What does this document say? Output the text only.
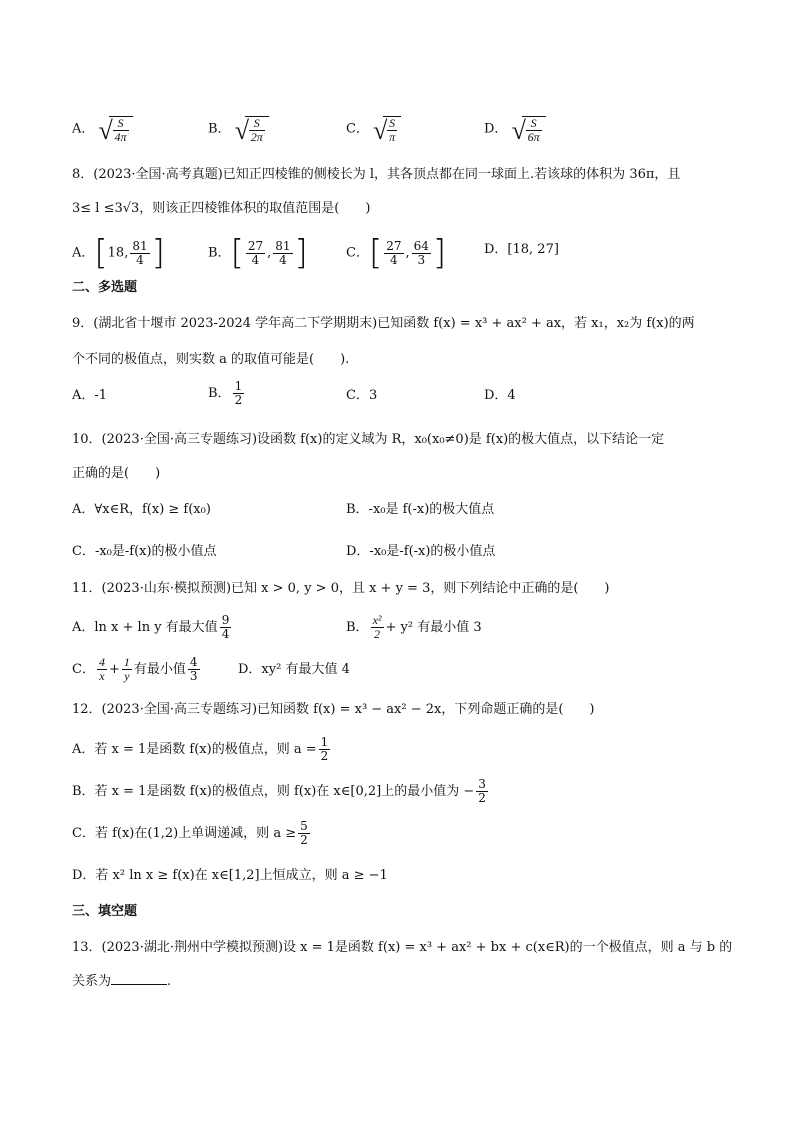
A． √ $\frac{S}{4\pi}$	B． √ $\frac{S}{2\pi}$	C． √ $\frac{S}{\pi}$	D． √ $\frac{S}{6\pi}$
8．(2023·全国·高考真题)已知正四棱锥的侧棱长为 l，其各顶点都在同一球面上.若该球的体积为 36π，且
3≤ l ≤3√3，则该正四棱锥体积的取值范围是(　　)
A．[18, $\frac{81}{4}$ ]	B．[ $\frac{27}{4}$ , $\frac{81}{4}$ ]	C．[ $\frac{27}{4}$ , $\frac{64}{3}$ ]	D．[18, 27]
二、多选题
9．(湖北省十堰市 2023-2024 学年高二下学期期末)已知函数 f(x) = x³ + ax² + ax，若 x₁，x₂为 f(x)的两
个不同的极值点，则实数 a 的取值可能是(　　).
A．-1	B． $\frac{1}{2}$	C．3	D．4
10．(2023·全国·高三专题练习)设函数 f(x)的定义域为 R，x₀(x₀≠0)是 f(x)的极大值点，以下结论一定
正确的是(　　)
A．∀x∈R，f(x) ≥ f(x₀)	B．-x₀是 f(-x)的极大值点
C．-x₀是-f(x)的极小值点	D．-x₀是-f(-x)的极小值点
11．(2023·山东·模拟预测)已知 x > 0, y > 0，且 x + y = 3，则下列结论中正确的是(　　)
A．ln x + ln y 有最大值 $\frac{9}{4}$	B． $\frac{\text{x²}}{2} + y^2$ 有最小值 3
C． $\frac{4}{x} + \frac{1}{y}$ 有最小值 $\frac{4}{3}$	D．xy² 有最大值 4
12．(2023·全国·高三专题练习)已知函数 f(x) = x³ − ax² − 2x，下列命题正确的是(　　)
A．若 x = 1是函数 f(x)的极值点，则 $a = \frac{1}{2}$
B．若 x = 1是函数 f(x)的极值点，则 f(x)在 x∈[0,2]上的最小值为 − $\frac{3}{2}$
C．若 f(x)在(1,2)上单调递减，则 $a \ge \frac{5}{2}$
D．若 x² ln x ≥ f(x)在 x∈[1,2]上恒成立，则 a ≥ −1
三、填空题
13．(2023·湖北·荆州中学模拟预测)设 x = 1是函数 f(x) = x³ + ax² + bx + c(x∈R)的一个极值点，则 a 与 b 的
关系为	.
